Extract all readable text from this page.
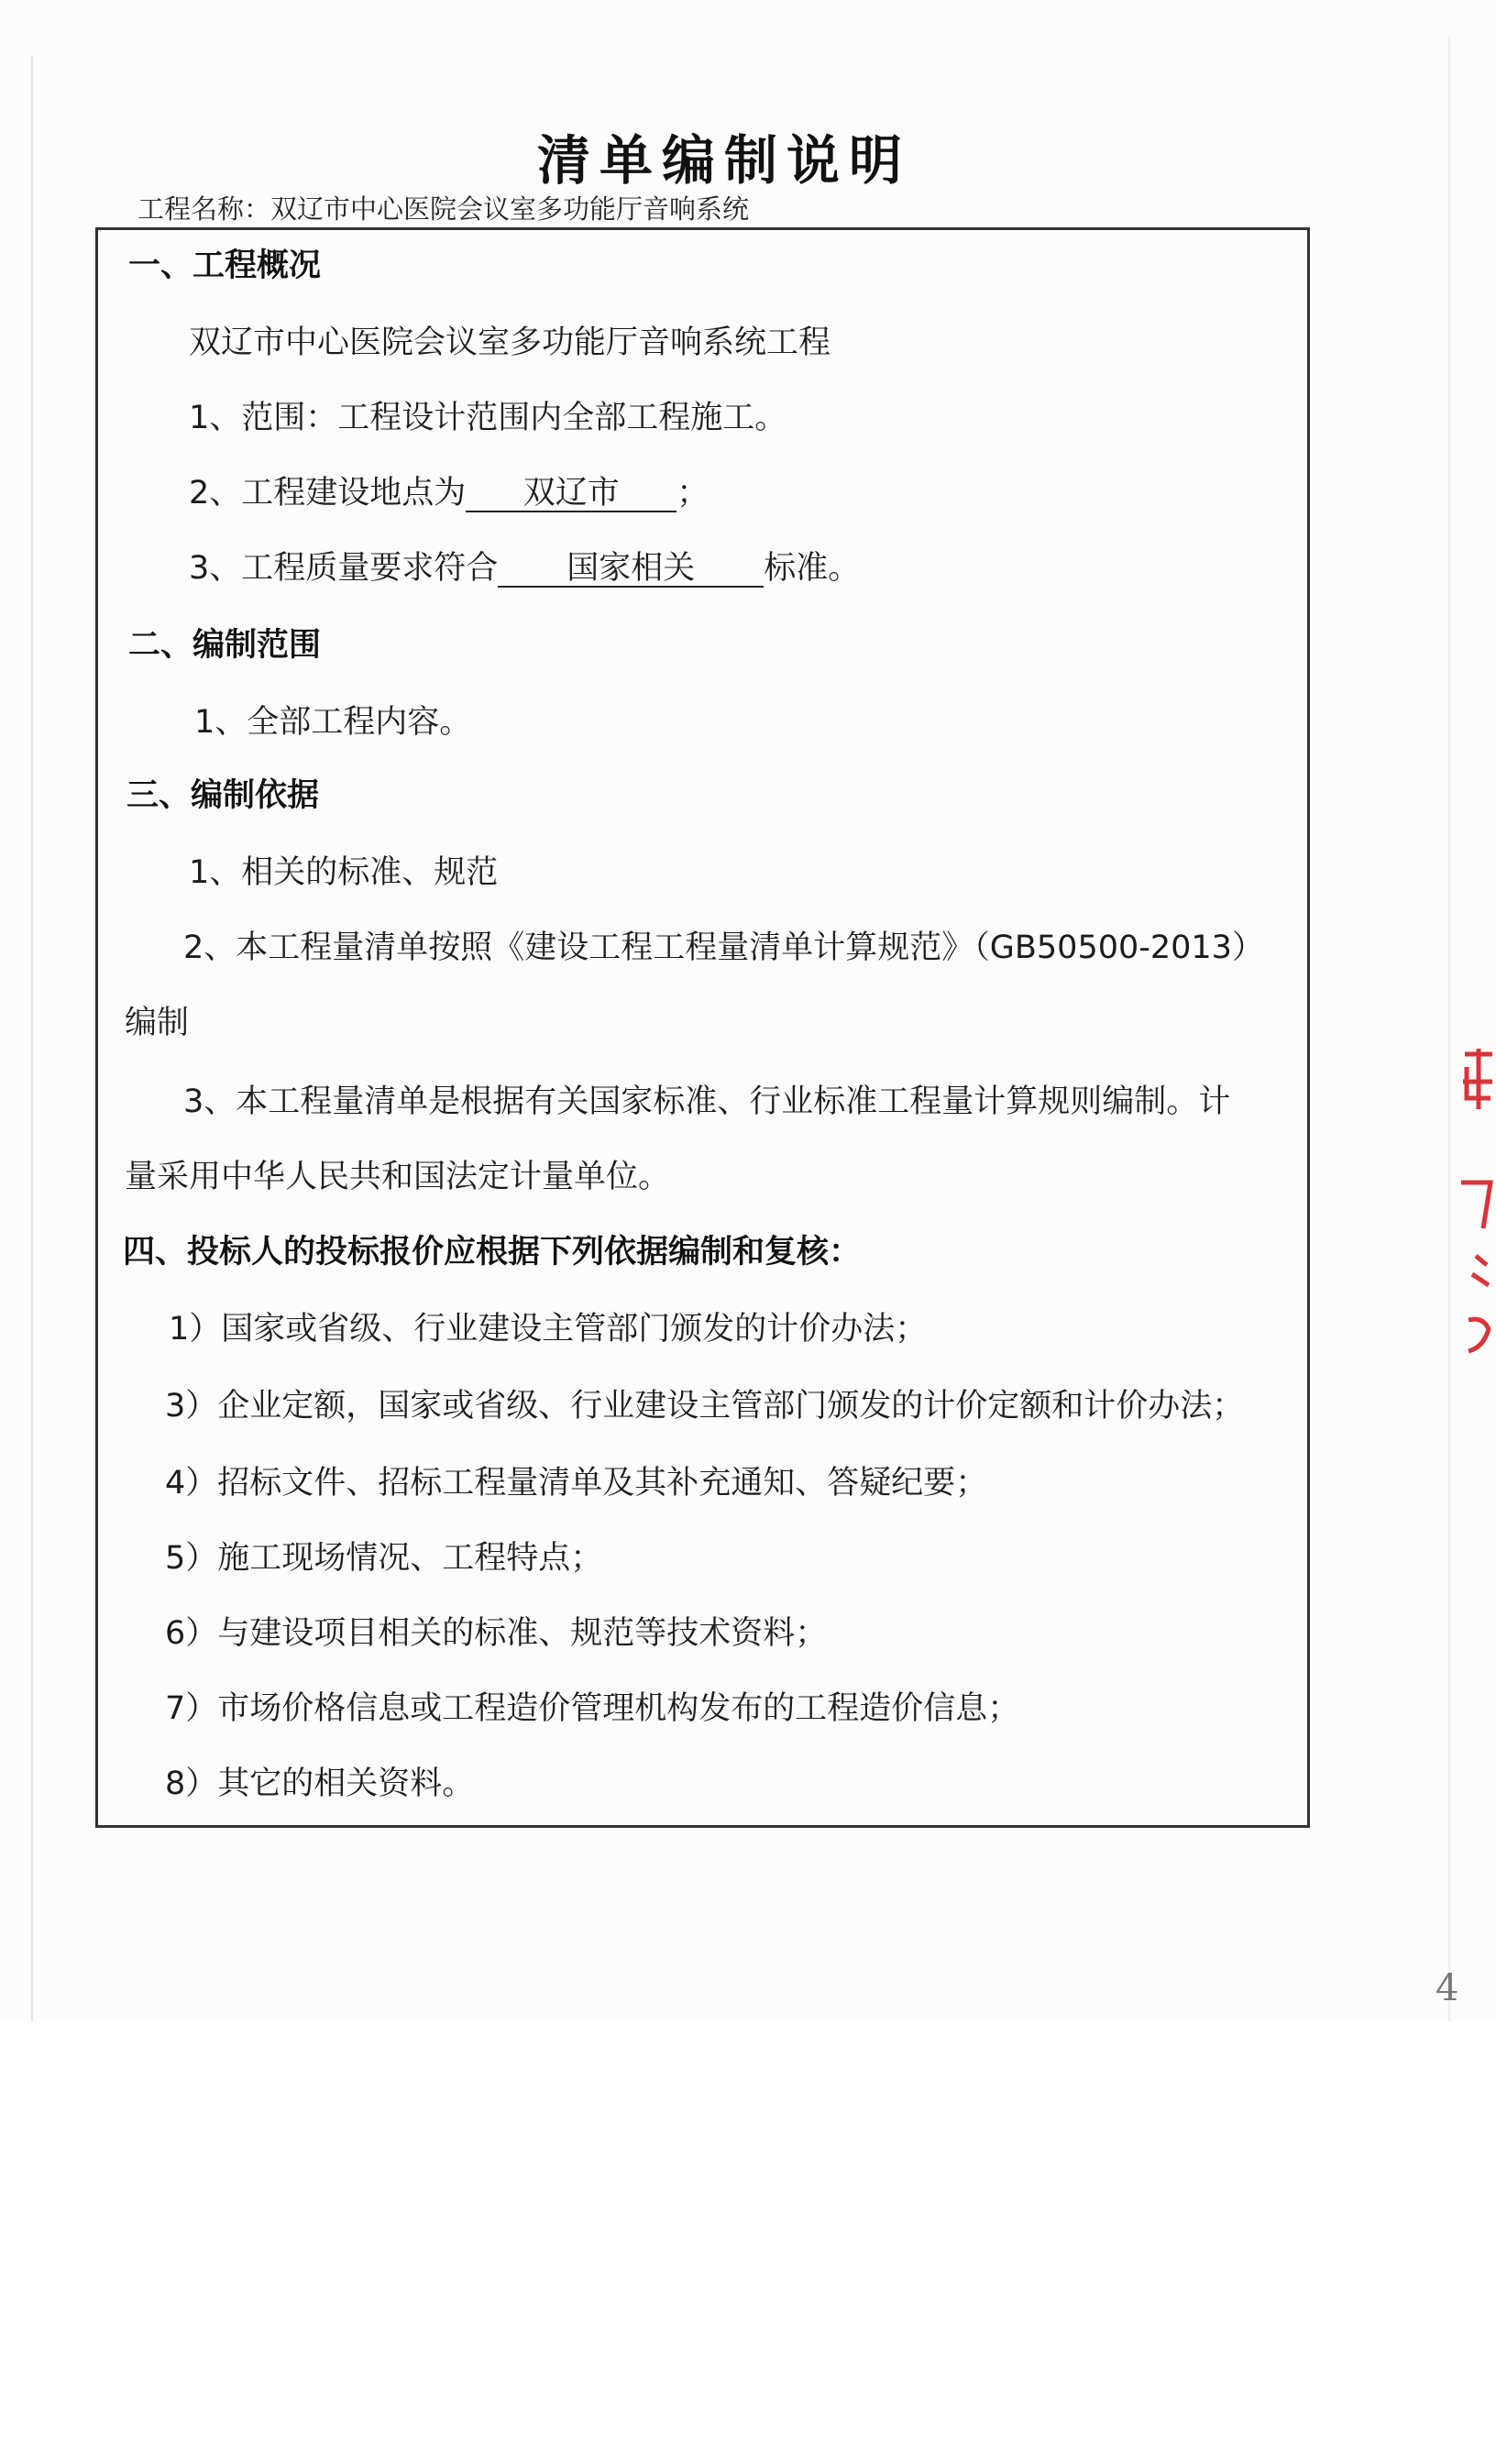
清单编制说明
工程名称：双辽市中心医院会议室多功能厅音响系统
一、工程概况
双辽市中心医院会议室多功能厅音响系统工程
1、范围：工程设计范围内全部工程施工。
2、工程建设地点为 双辽市 ；
3、工程质量要求符合 国家相关 标准。
二、编制范围
1、全部工程内容。
三、编制依据
1、相关的标准、规范
2、本工程量清单按照《建设工程工程量清单计算规范》（GB50500-2013）
编制
3、本工程量清单是根据有关国家标准、行业标准工程量计算规则编制。计
量采用中华人民共和国法定计量单位。
四、投标人的投标报价应根据下列依据编制和复核：
1）国家或省级、行业建设主管部门颁发的计价办法；
3）企业定额，国家或省级、行业建设主管部门颁发的计价定额和计价办法；
4）招标文件、招标工程量清单及其补充通知、答疑纪要；
5）施工现场情况、工程特点；
6）与建设项目相关的标准、规范等技术资料；
7）市场价格信息或工程造价管理机构发布的工程造价信息；
8）其它的相关资料。
4
